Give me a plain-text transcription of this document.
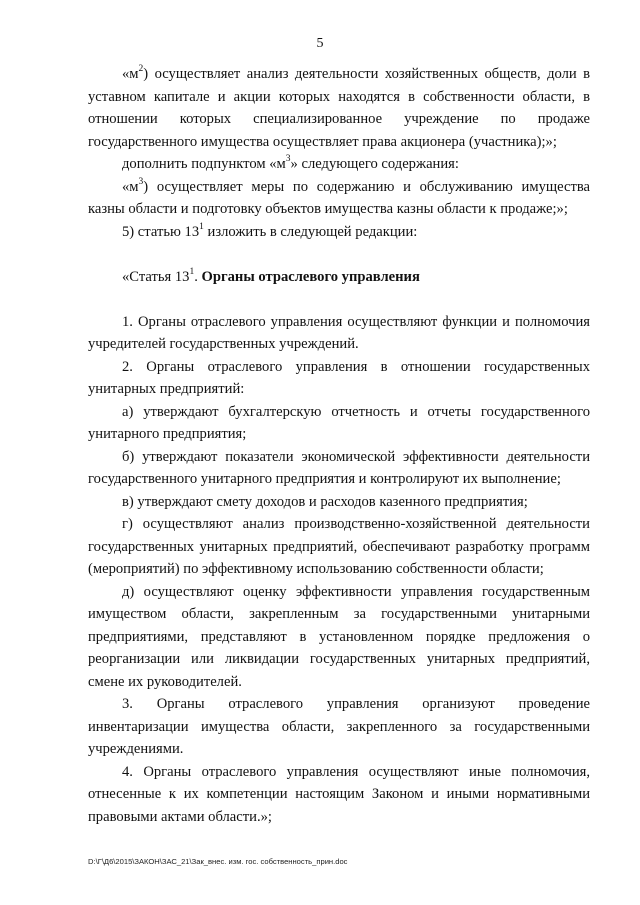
5

«$м^2$) осуществляет анализ деятельности хозяйственных обществ, доли в уставном капитале и акции которых находятся в собственности области, в отношении которых специализированное учреждение по продаже государственного имущества осуществляет права акционера (участника);»;

дополнить подпунктом «$м^3$» следующего содержания:

«$м^3$) осуществляет меры по содержанию и обслуживанию имущества казны области и подготовку объектов имущества казны области к продаже;»;

5) статью $13^1$ изложить в следующей редакции:

«Статья $13^1$. Органы отраслевого управления

1. Органы отраслевого управления осуществляют функции и полномочия учредителей государственных учреждений.

2. Органы отраслевого управления в отношении государственных унитарных предприятий:

а) утверждают бухгалтерскую отчетность и отчеты государственного унитарного предприятия;

б) утверждают показатели экономической эффективности деятельности государственного унитарного предприятия и контролируют их выполнение;

в) утверждают смету доходов и расходов казенного предприятия;

г) осуществляют анализ производственно-хозяйственной деятельности государственных унитарных предприятий, обеспечивают разработку программ (мероприятий) по эффективному использованию собственности области;

д) осуществляют оценку эффективности управления государственным имуществом области, закрепленным за государственными унитарными предприятиями, представляют в установленном порядке предложения о реорганизации или ликвидации государственных унитарных предприятий, смене их руководителей.

3. Органы отраслевого управления организуют проведение инвентаризации имущества области, закрепленного за государственными учреждениями.

4. Органы отраслевого управления осуществляют иные полномочия, отнесенные к их компетенции настоящим Законом и иными нормативными правовыми актами области.»;

D:\Г\Д6\2015\ЗАКОН\ЗАС_21\Зак_внес. изм. гос. собственность_прин.doc
